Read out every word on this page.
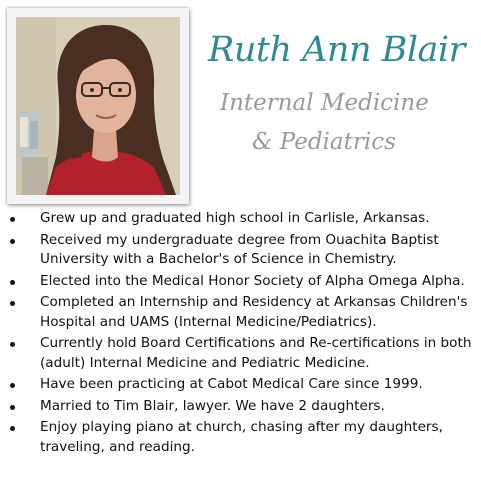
Ruth Ann Blair
Internal Medicine
& Pediatrics
Grew up and graduated high school in Carlisle, Arkansas.
Received my undergraduate degree from Ouachita Baptist University with a Bachelor's of Science in Chemistry.
Elected into the Medical Honor Society of Alpha Omega Alpha.
Completed an Internship and Residency at Arkansas Children's Hospital and UAMS (Internal Medicine/Pediatrics).
Currently hold Board Certifications and Re-certifications in both (adult) Internal Medicine and Pediatric Medicine.
Have been practicing at Cabot Medical Care since 1999.
Married to Tim Blair, lawyer. We have 2 daughters.
Enjoy playing piano at church, chasing after my daughters, traveling, and reading.
